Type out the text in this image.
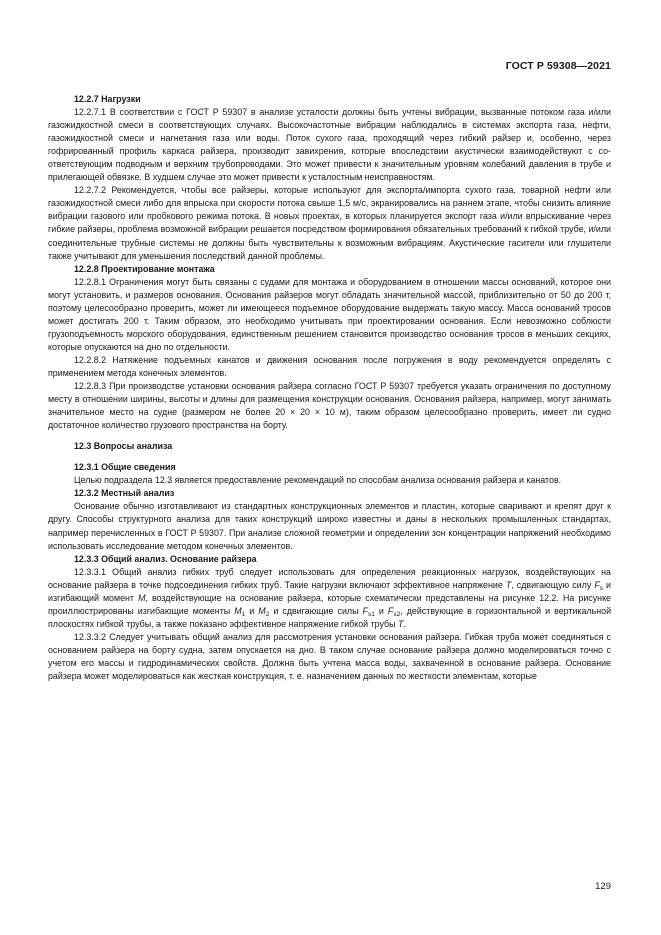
ГОСТ Р 59308—2021

12.2.7 Нагрузки

12.2.7.1 В соответствии с ГОСТ Р 59307 в анализе усталости должны быть учтены вибрации, вызванные потоком газа и/или газожидкостной смеси в соответствующих случаях. Высокочастотные вибрации наблюдались в системах экспорта газа, нефти, газожидкостной смеси и нагнетания газа или воды. Поток сухого газа, проходящий через гибкий райзер и, особенно, через гофрированный профиль каркаса райзера, производит завихрения, которые впоследствии акустически взаимодействуют с соответствующим подводным и верхним трубопроводами. Это может привести к значительным уровням колебаний давления в трубе и прилегающей обвязке. В худшем случае это может привести к усталостным неисправностям.

12.2.7.2 Рекомендуется, чтобы все райзеры, которые используют для экспорта/импорта сухого газа, товарной нефти или газожидкостной смеси либо для впрыска при скорости потока свыше 1,5 м/с, экранировались на раннем этапе, чтобы снизить влияние вибрации газового или пробкового режима потока. В новых проектах, в которых планируется экспорт газа и/или впрыскивание через гибкие райзеры, проблема возможной вибрации решается посредством формирования обязательных требований к гибкой трубе, и/или соединительные трубные системы не должны быть чувствительны к возможным вибрациям. Акустические гасители или глушители также учитывают для уменьшения последствий данной проблемы.

12.2.8 Проектирование монтажа

12.2.8.1 Ограничения могут быть связаны с судами для монтажа и оборудованием в отношении массы оснований, которое они могут установить, и размеров основания. Основания райзеров могут обладать значительной массой, приблизительно от 50 до 200 т, поэтому целесообразно проверить, может ли имеющееся подъемное оборудование выдержать такую массу. Масса оснований тросов может достигать 200 т. Таким образом, это необходимо учитывать при проектировании основания. Если невозможно соблюсти грузоподъемность морского оборудования, единственным решением становится производство основания тросов в меньших секциях, которые опускаются на дно по отдельности.

12.2.8.2 Натяжение подъемных канатов и движения основания после погружения в воду рекомендуется определять с применением метода конечных элементов.

12.2.8.3 При производстве установки основания райзера согласно ГОСТ Р 59307 требуется указать ограничения по доступному месту в отношении ширины, высоты и длины для размещения конструкции основания. Основания райзера, например, могут занимать значительное место на судне (размером не более 20 × 20 × 10 м), таким образом целесообразно проверить, имеет ли судно достаточное количество грузового пространства на борту.

12.3 Вопросы анализа

12.3.1 Общие сведения

Целью подраздела 12.3 является предоставление рекомендаций по способам анализа основания райзера и канатов.

12.3.2 Местный анализ

Основание обычно изготавливают из стандартных конструкционных элементов и пластин, которые сваривают и крепят друг к другу. Способы структурного анализа для таких конструкций широко известны и даны в нескольких промышленных стандартах, например перечисленных в ГОСТ Р 59307. При анализе сложной геометрии и определении зон концентрации напряжений необходимо использовать исследование методом конечных элементов.

12.3.3 Общий анализ. Основание райзера

12.3.3.1 Общий анализ гибких труб следует использовать для определения реакционных нагрузок, воздействующих на основание райзера в точке подсоединения гибких труб. Такие нагрузки включают эффективное напряжение T, сдвигающую силу $F_s$ и изгибающий момент M, воздействующие на основание райзера, которые схематически представлены на рисунке 12.2. На рисунке проиллюстрированы изгибающие моменты $M_1$ и $M_2$ и сдвигающие силы $F_{s1}$ и $F_{s2}$, действующие в горизонтальной и вертикальной плоскостях гибкой трубы, а также показано эффективное напряжение гибкой трубы T.

12.3.3.2 Следует учитывать общий анализ для рассмотрения установки основания райзера. Гибкая труба может соединяться с основанием райзера на борту судна, затем опускается на дно. В таком случае основание райзера должно моделироваться точно с учетом его массы и гидродинамических свойств. Должна быть учтена масса воды, захваченной в основание райзера. Основание райзера может моделироваться как жесткая конструкция, т. е. назначением данных по жесткости элементам, которые

129
